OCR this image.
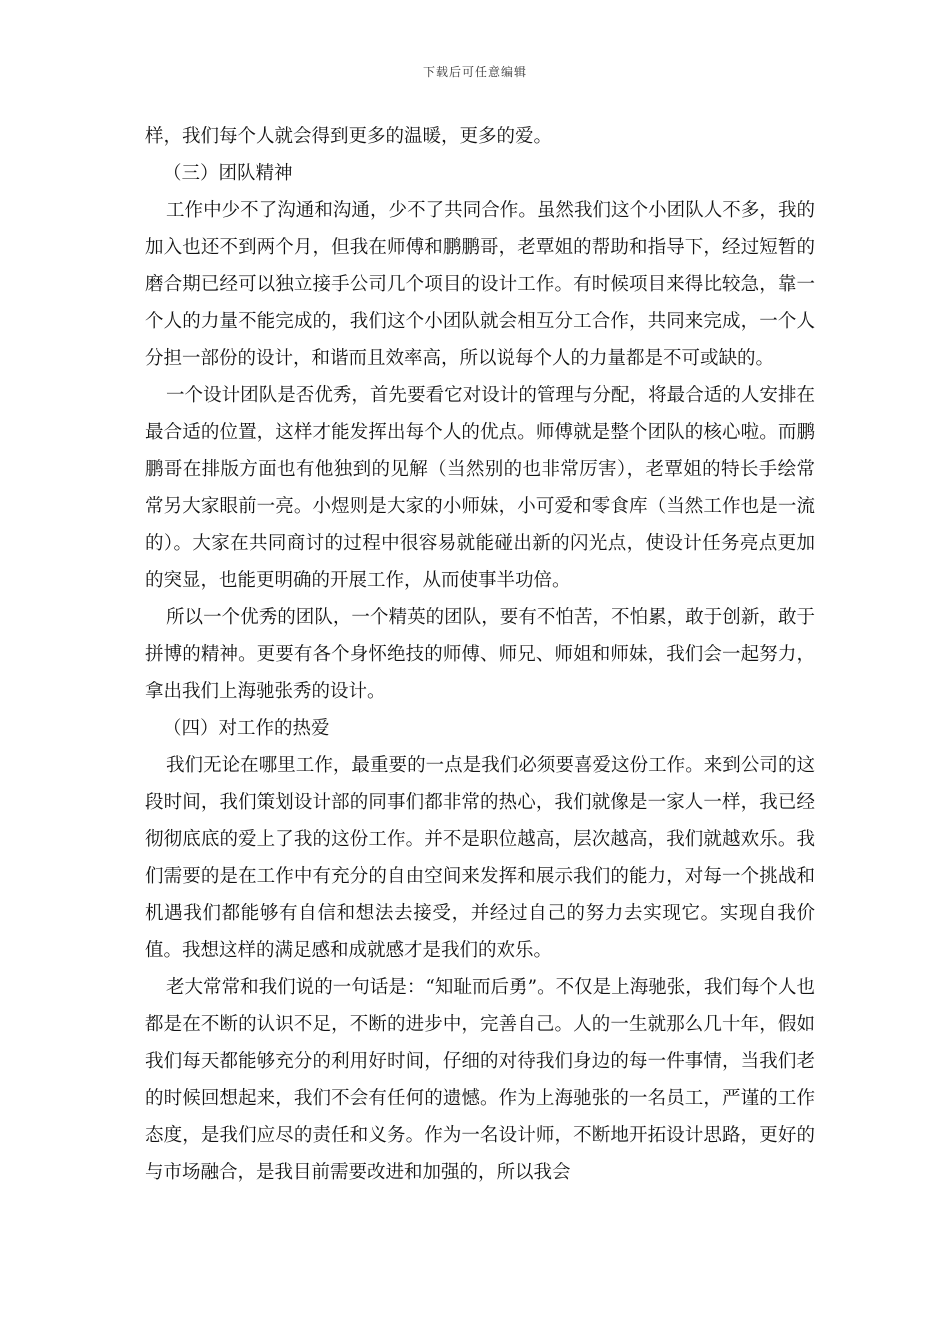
下载后可任意编辑

样，我们每个人就会得到更多的温暖，更多的爱。

（三）团队精神

工作中少不了沟通和沟通，少不了共同合作。虽然我们这个小团队人不多，我的加入也还不到两个月，但我在师傅和鹏鹏哥，老覃姐的帮助和指导下，经过短暂的磨合期已经可以独立接手公司几个项目的设计工作。有时候项目来得比较急，靠一个人的力量不能完成的，我们这个小团队就会相互分工合作，共同来完成，一个人分担一部份的设计，和谐而且效率高，所以说每个人的力量都是不可或缺的。

一个设计团队是否优秀，首先要看它对设计的管理与分配，将最合适的人安排在最合适的位置，这样才能发挥出每个人的优点。师傅就是整个团队的核心啦。而鹏鹏哥在排版方面也有他独到的见解（当然别的也非常厉害），老覃姐的特长手绘常常另大家眼前一亮。小煜则是大家的小师妹，小可爱和零食库（当然工作也是一流的）。大家在共同商讨的过程中很容易就能碰出新的闪光点，使设计任务亮点更加的突显，也能更明确的开展工作，从而使事半功倍。

所以一个优秀的团队，一个精英的团队，要有不怕苦，不怕累，敢于创新，敢于拼博的精神。更要有各个身怀绝技的师傅、师兄、师姐和师妹，我们会一起努力，拿出我们上海驰张秀的设计。

（四）对工作的热爱

我们无论在哪里工作，最重要的一点是我们必须要喜爱这份工作。来到公司的这段时间，我们策划设计部的同事们都非常的热心，我们就像是一家人一样，我已经彻彻底底的爱上了我的这份工作。并不是职位越高，层次越高，我们就越欢乐。我们需要的是在工作中有充分的自由空间来发挥和展示我们的能力，对每一个挑战和机遇我们都能够有自信和想法去接受，并经过自己的努力去实现它。实现自我价值。我想这样的满足感和成就感才是我们的欢乐。

老大常常和我们说的一句话是：“知耻而后勇”。不仅是上海驰张，我们每个人也都是在不断的认识不足，不断的进步中，完善自己。人的一生就那么几十年，假如我们每天都能够充分的利用好时间，仔细的对待我们身边的每一件事情，当我们老的时候回想起来，我们不会有任何的遗憾。作为上海驰张的一名员工，严谨的工作态度，是我们应尽的责任和义务。作为一名设计师，不断地开拓设计思路，更好的与市场融合，是我目前需要改进和加强的，所以我会
